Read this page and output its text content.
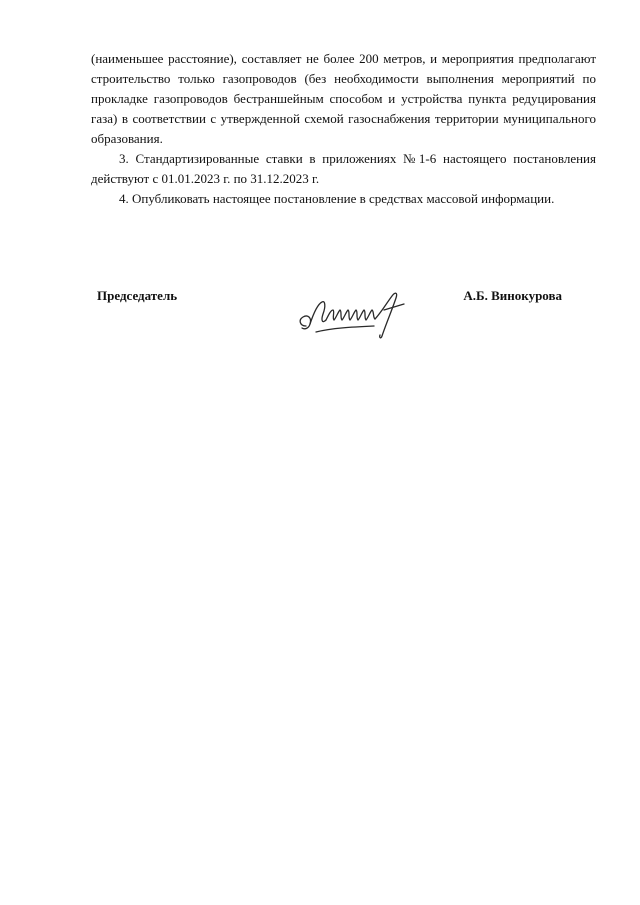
(наименьшее расстояние), составляет не более 200 метров, и мероприятия предполагают строительство только газопроводов (без необходимости выполнения мероприятий по прокладке газопроводов бестраншейным способом и устройства пункта редуцирования газа) в соответствии с утвержденной схемой газоснабжения территории муниципального образования.

3. Стандартизированные ставки в приложениях №1-6 настоящего постановления действуют с 01.01.2023 г. по 31.12.2023 г.

4. Опубликовать настоящее постановление в средствах массовой информации.

Председатель	А.Б. Винокурова
